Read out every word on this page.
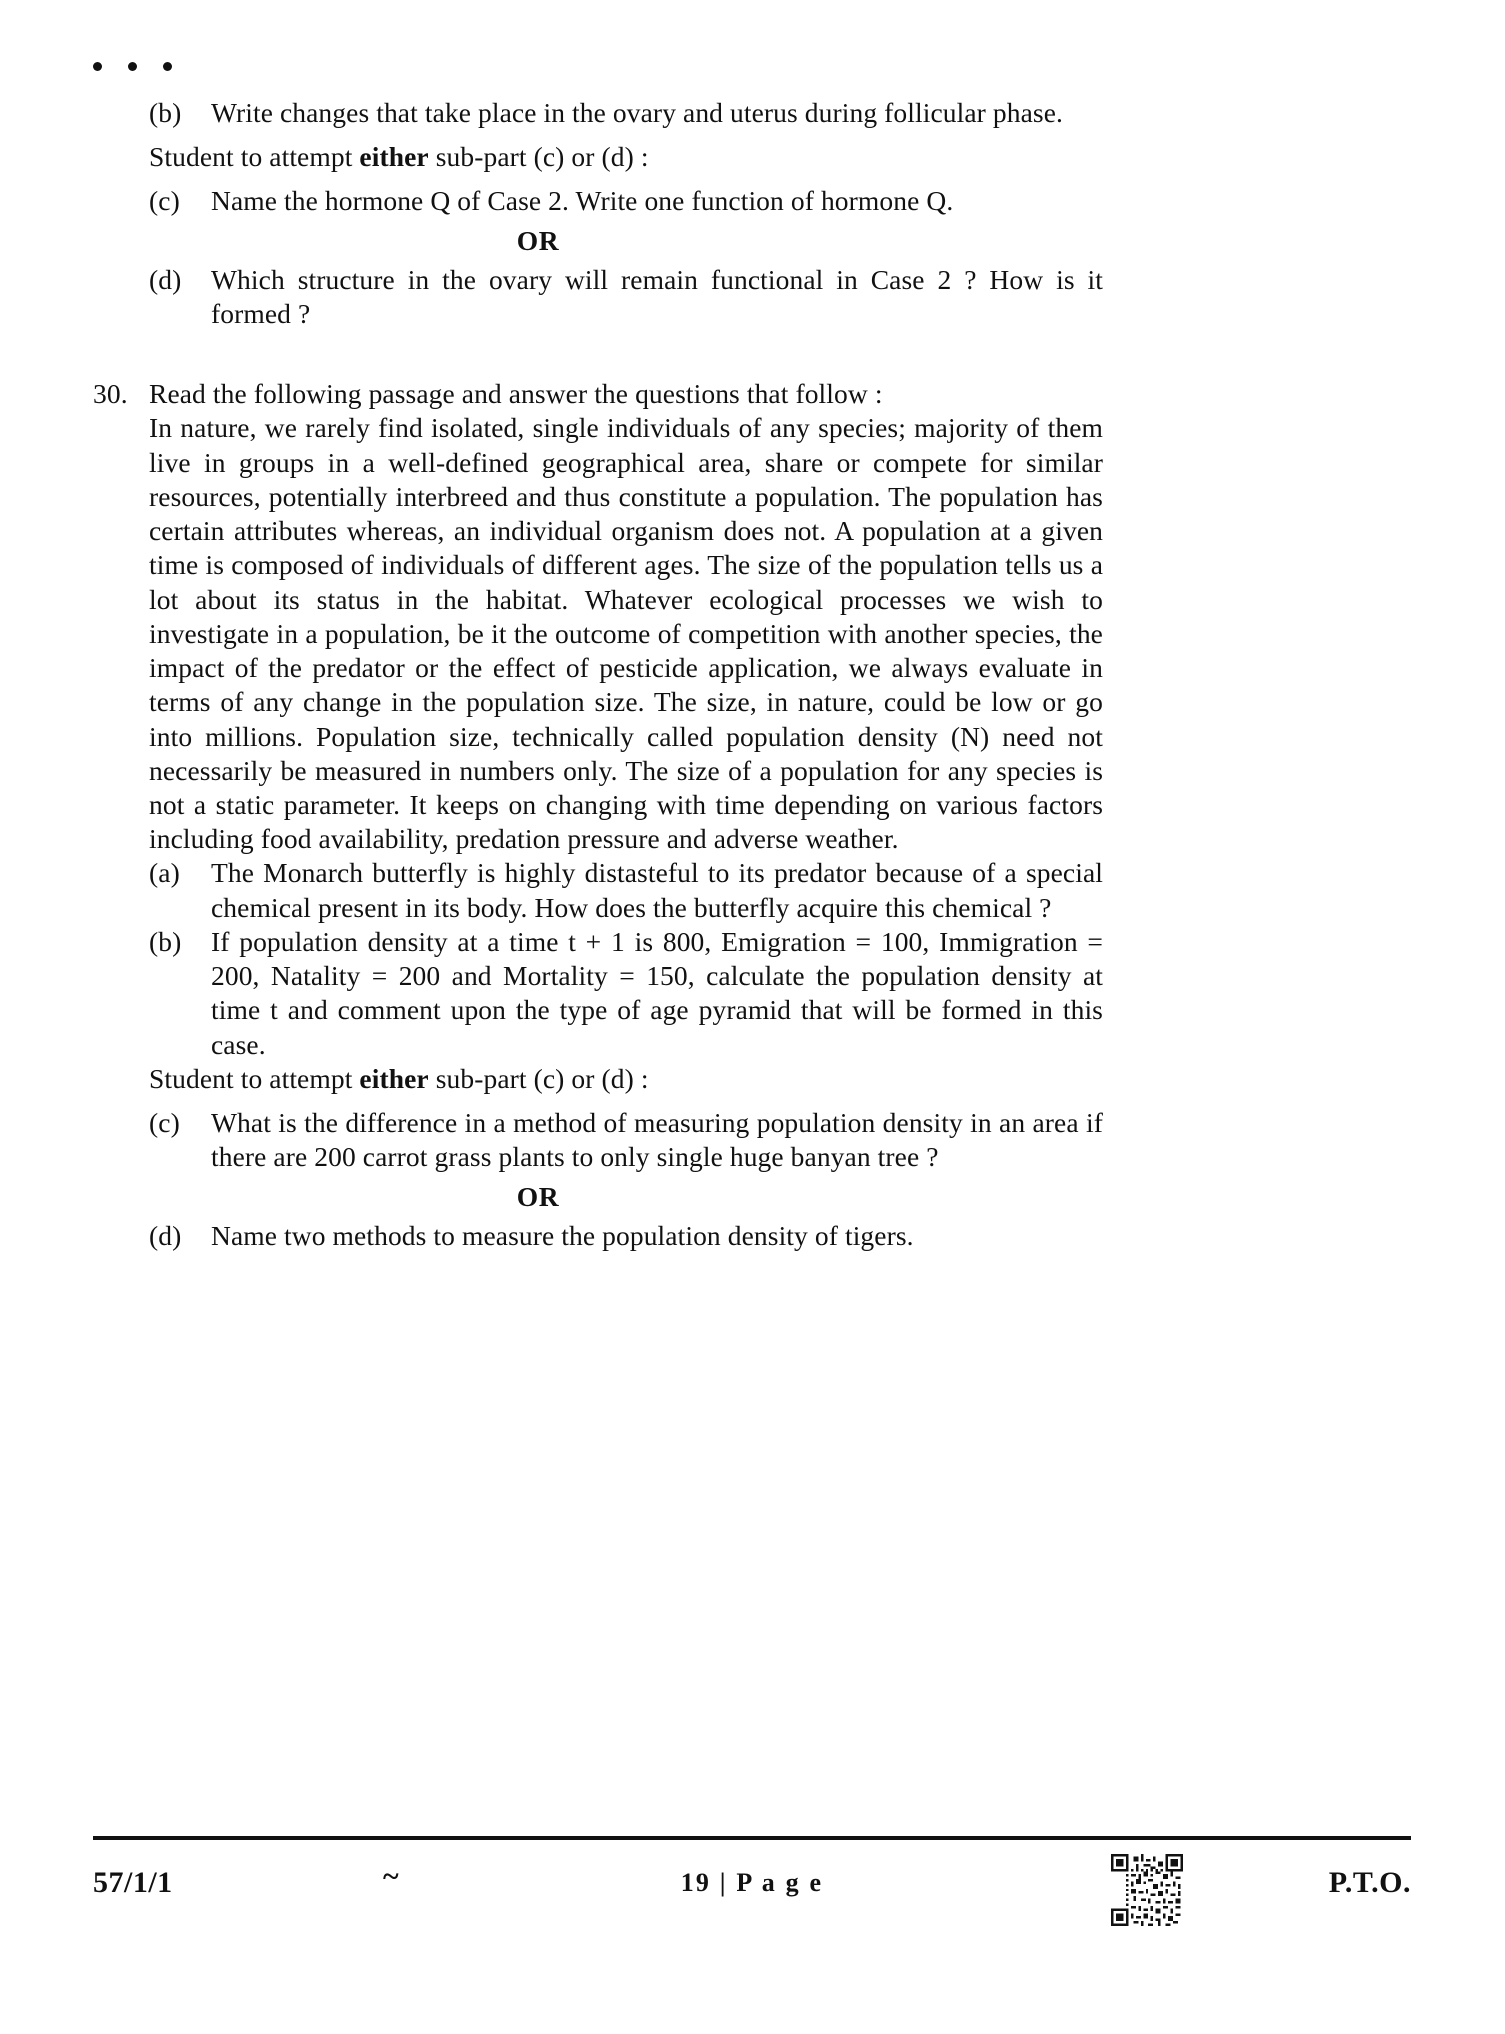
(b)	Write changes that take place in the ovary and uterus during follicular phase.
Student to attempt either sub-part (c) or (d) :
(c)	Name the hormone Q of Case 2. Write one function of hormone Q.
OR
(d)	Which structure in the ovary will remain functional in Case 2 ? How is it formed ?
30. Read the following passage and answer the questions that follow :

In nature, we rarely find isolated, single individuals of any species; majority of them live in groups in a well-defined geographical area, share or compete for similar resources, potentially interbreed and thus constitute a population. The population has certain attributes whereas, an individual organism does not. A population at a given time is composed of individuals of different ages. The size of the population tells us a lot about its status in the habitat. Whatever ecological processes we wish to investigate in a population, be it the outcome of competition with another species, the impact of the predator or the effect of pesticide application, we always evaluate in terms of any change in the population size. The size, in nature, could be low or go into millions. Population size, technically called population density (N) need not necessarily be measured in numbers only. The size of a population for any species is not a static parameter. It keeps on changing with time depending on various factors including food availability, predation pressure and adverse weather.
(a)	The Monarch butterfly is highly distasteful to its predator because of a special chemical present in its body. How does the butterfly acquire this chemical ?
(b)	If population density at a time t + 1 is 800, Emigration = 100, Immigration = 200, Natality = 200 and Mortality = 150, calculate the population density at time t and comment upon the type of age pyramid that will be formed in this case.
Student to attempt either sub-part (c) or (d) :
(c)	What is the difference in a method of measuring population density in an area if there are 200 carrot grass plants to only single huge banyan tree ?
OR
(d)	Name two methods to measure the population density of tigers.
19 | P a g e
57/1/1	~	P.T.O.
